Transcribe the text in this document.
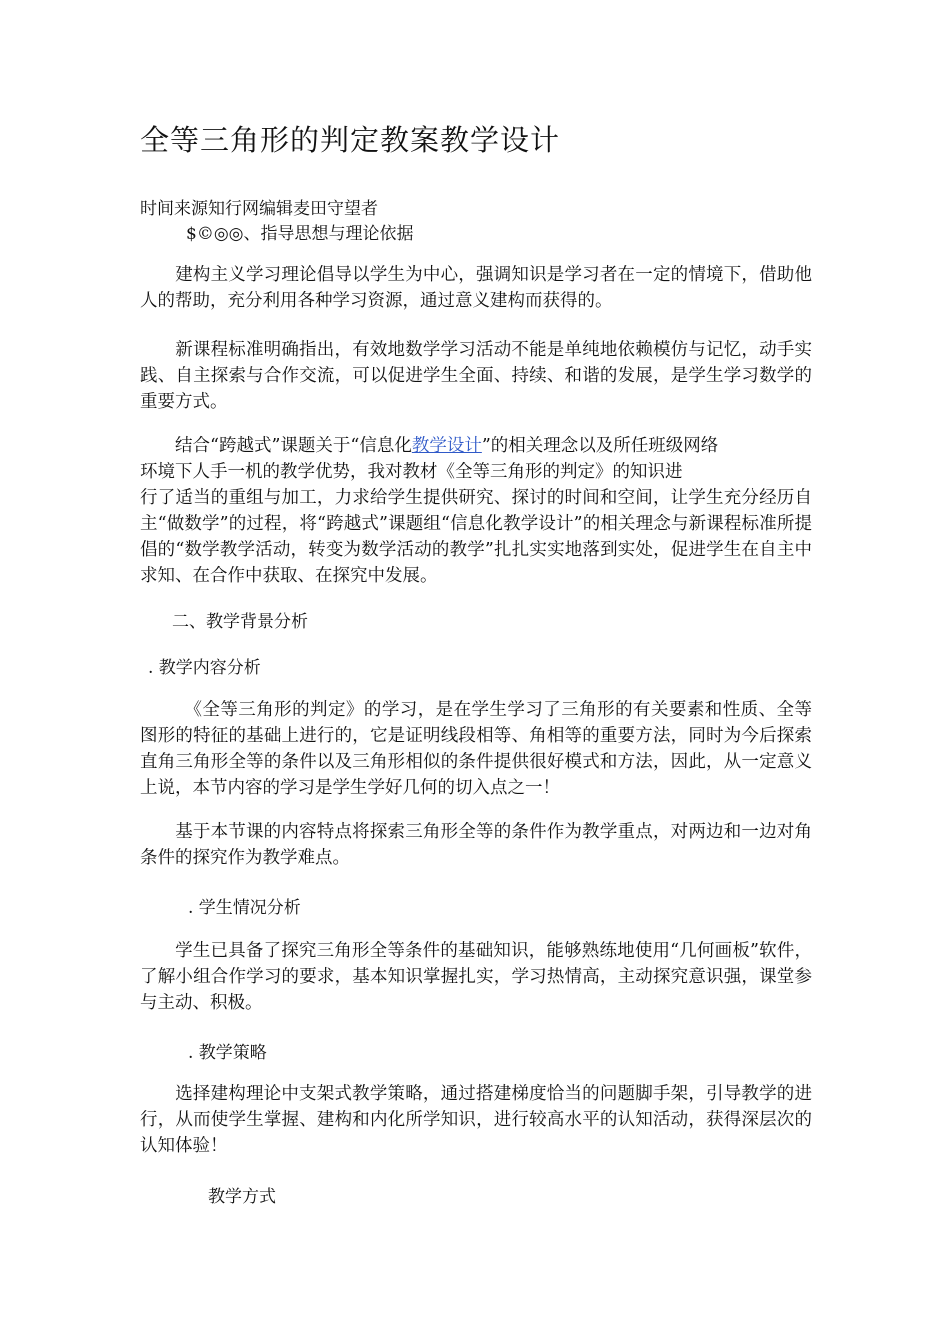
全等三角形的判定教案教学设计
时间来源知行网编辑麦田守望者
$©◎◎、指导思想与理论依据

建构主义学习理论倡导以学生为中心，强调知识是学习者在一定的情境下，借助他人的帮助，充分利用各种学习资源，通过意义建构而获得的。

新课程标准明确指出，有效地数学学习活动不能是单纯地依赖模仿与记忆，动手实践、自主探索与合作交流，可以促进学生全面、持续、和谐的发展，是学生学习数学的重要方式。

结合“跨越式”课题关于“信息化教学设计”的相关理念以及所任班级网络
环境下人手一机的教学优势，我对教材《全等三角形的判定》的知识进
行了适当的重组与加工，力求给学生提供研究、探讨的时间和空间，让学生充分经历自主“做数学”的过程，将“跨越式”课题组“信息化教学设计”的相关理念与新课程标准所提倡的“数学教学活动，转变为数学活动的教学”扎扎实实地落到实处，促进学生在自主中求知、在合作中获取、在探究中发展。
二、教学背景分析
. 教学内容分析

《全等三角形的判定》的学习，是在学生学习了三角形的有关要素和性质、全等图形的特征的基础上进行的，它是证明线段相等、角相等的重要方法，同时为今后探索直角三角形全等的条件以及三角形相似的条件提供很好模式和方法，因此，从一定意义上说，本节内容的学习是学生学好几何的切入点之一！

基于本节课的内容特点将探索三角形全等的条件作为教学重点，对两边和一边对角条件的探究作为教学难点。

. 学生情况分析

学生已具备了探究三角形全等条件的基础知识，能够熟练地使用“几何画板”软件，了解小组合作学习的要求，基本知识掌握扎实，学习热情高，主动探究意识强，课堂参与主动、积极。

. 教学策略

选择建构理论中支架式教学策略，通过搭建梯度恰当的问题脚手架，引导教学的进行，从而使学生掌握、建构和内化所学知识，进行较高水平的认知活动，获得深层次的认知体验！

教学方式
